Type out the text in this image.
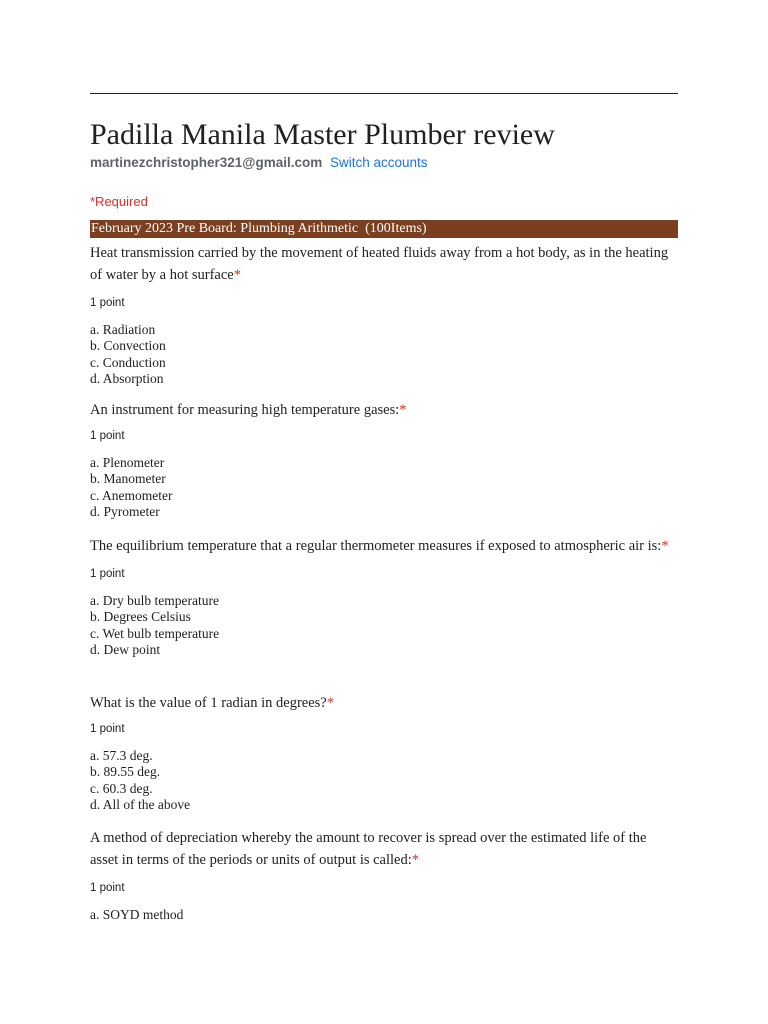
Padilla Manila Master Plumber review
martinezchristopher321@gmail.com Switch accounts
*Required
February 2023 Pre Board: Plumbing Arithmetic  (100Items)
Heat transmission carried by the movement of heated fluids away from a hot body, as in the heating of water by a hot surface*
1 point
a. Radiation
b. Convection
c. Conduction
d. Absorption
An instrument for measuring high temperature gases:*
1 point
a. Plenometer
b. Manometer
c. Anemometer
d. Pyrometer
The equilibrium temperature that a regular thermometer measures if exposed to atmospheric air is:*
1 point
a. Dry bulb temperature
b. Degrees Celsius
c. Wet bulb temperature
d. Dew point
What is the value of 1 radian in degrees?*
1 point
a. 57.3 deg.
b. 89.55 deg.
c. 60.3 deg.
d. All of the above
A method of depreciation whereby the amount to recover is spread over the estimated life of the asset in terms of the periods or units of output is called:*
1 point
a. SOYD method
